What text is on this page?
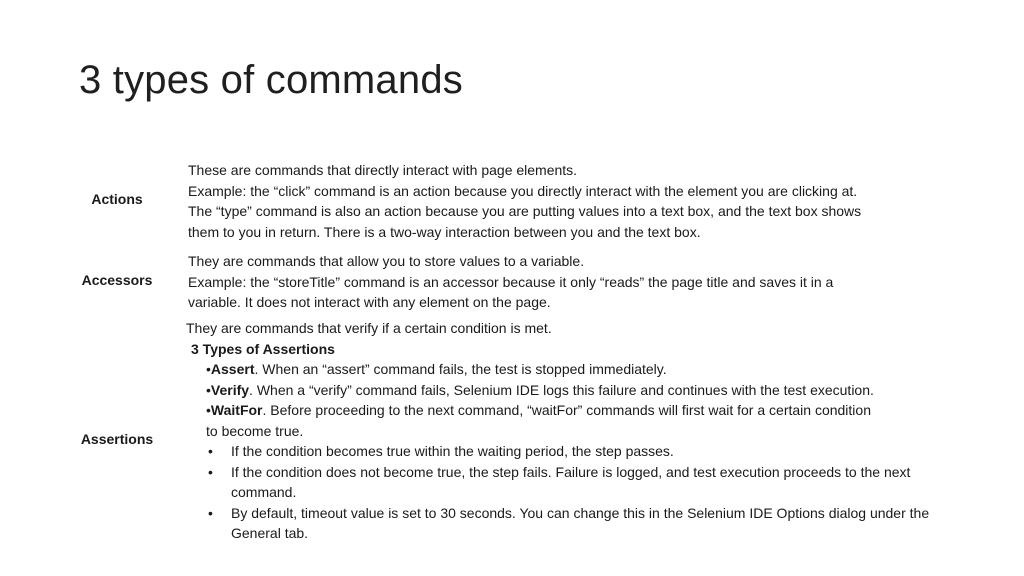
3 types of commands
Actions

These are commands that directly interact with page elements.

Example: the “click” command is an action because you directly interact with the element you are clicking at.

The “type” command is also an action because you are putting values into a text box, and the text box shows

them to you in return. There is a two-way interaction between you and the text box.

Accessors

They are commands that allow you to store values to a variable.

Example: the “storeTitle” command is an accessor because it only “reads” the page title and saves it in a

variable. It does not interact with any element on the page.

Assertions

They are commands that verify if a certain condition is met.

3 Types of Assertions

•Assert. When an “assert” command fails, the test is stopped immediately.

•Verify. When a “verify” command fails, Selenium IDE logs this failure and continues with the test execution.

•WaitFor. Before proceeding to the next command, “waitFor” commands will first wait for a certain condition

to become true.

• If the condition becomes true within the waiting period, the step passes.
• If the condition does not become true, the step fails. Failure is logged, and test execution proceeds to the next command.
• By default, timeout value is set to 30 seconds. You can change this in the Selenium IDE Options dialog under the General tab.
